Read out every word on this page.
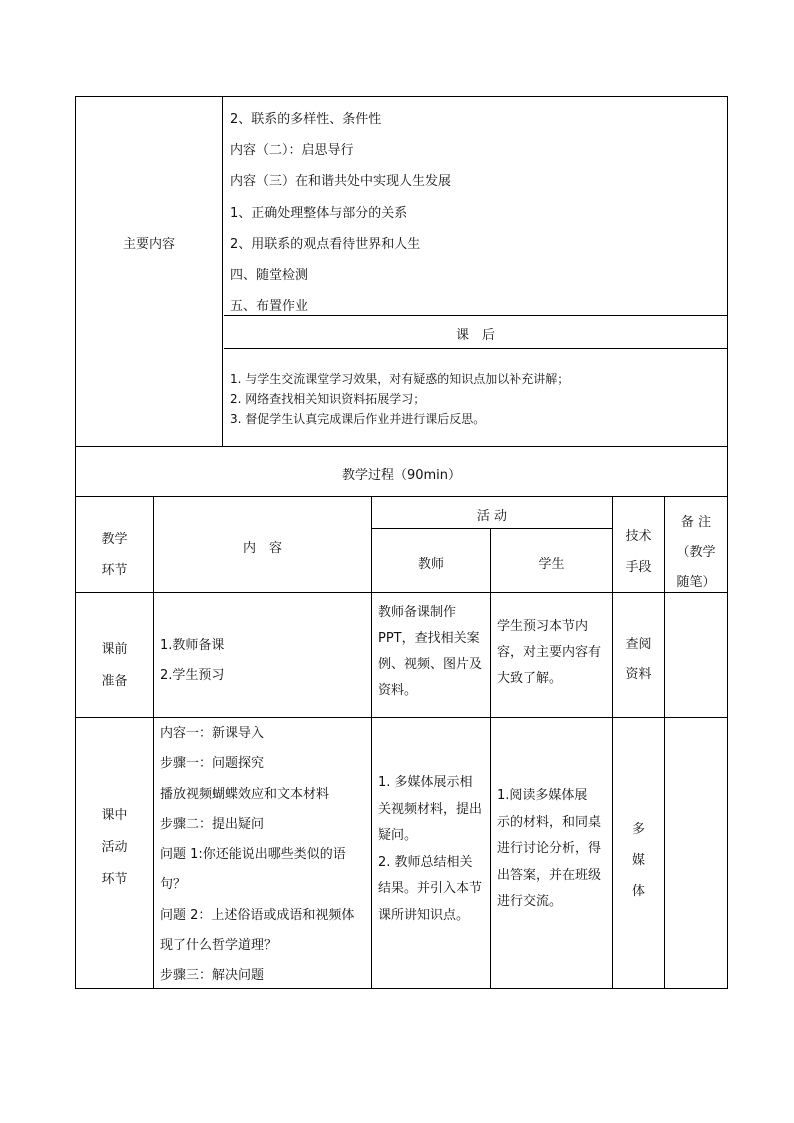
主要内容
2、联系的多样性、条件性
内容（二）：启思导行
内容（三）在和谐共处中实现人生发展
1、正确处理整体与部分的关系
2、用联系的观点看待世界和人生
四、随堂检测
五、布置作业
课　后
1. 与学生交流课堂学习效果，对有疑惑的知识点加以补充讲解；
2. 网络查找相关知识资料拓展学习；
3. 督促学生认真完成课后作业并进行课后反思。
教学过程（90min）
教学
环节
内　容
活 动
教师	学生
技术
手段
备 注
（教学
随笔）
课前
准备
1.教师备课
2.学生预习
教师备课制作
PPT，查找相关案
例、视频、图片及
资料。
学生预习本节内
容，对主要内容有
大致了解。
查阅
资料
课中
活动
环节
内容一：新课导入
步骤一：问题探究
播放视频蝴蝶效应和文本材料
步骤二：提出疑问
问题 1:你还能说出哪些类似的语
句？
问题 2：上述俗语或成语和视频体
现了什么哲学道理？
步骤三：解决问题
1. 多媒体展示相
关视频材料，提出
疑问。
2. 教师总结相关
结果。并引入本节
课所讲知识点。
1.阅读多媒体展
示的材料，和同桌
进行讨论分析，得
出答案，并在班级
进行交流。
多
媒
体
